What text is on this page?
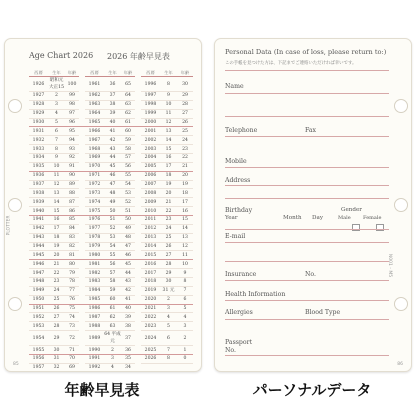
PLOTTER
Age Chart 2026 2026 年齢早見表
西暦	生年	年齢		西暦	生年	年齢		西暦	生年	年齢
1926	昭和元 大正15	100		1961	36	65		1996	8	30
1927	2	99		1962	37	64		1997	9	29
1928	3	98		1963	38	63		1998	10	28
1929	4	97		1964	39	62		1999	11	27
1930	5	96		1965	40	61		2000	12	26
1931	6	95		1966	41	60		2001	13	25
1932	7	94		1967	42	59		2002	14	24
1933	8	93		1968	43	58		2003	15	23
1934	9	92		1969	44	57		2004	16	22
1935	10	91		1970	45	56		2005	17	21
1936	11	90		1971	46	55		2006	18	20
1937	12	89		1972	47	54		2007	19	19
1938	13	88		1973	48	53		2008	20	18
1939	14	87		1974	49	52		2009	21	17
1940	15	86		1975	50	51		2010	22	16
1941	16	85		1976	51	50		2011	23	15
1942	17	84		1977	52	49		2012	24	14
1943	18	83		1978	53	48		2013	25	13
1944	19	82		1979	54	47		2014	26	12
1945	20	81		1980	55	46		2015	27	11
1946	21	80		1981	56	45		2016	28	10
1947	22	79		1982	57	44		2017	29	9
1948	23	78		1983	58	43		2018	30	8
1949	24	77		1984	59	42		2019	31 元	7
1950	25	76		1985	60	41		2020	2	6
1951	26	75		1986	61	40		2021	3	5
1952	27	74		1987	62	39		2022	4	4
1953	28	73		1988	63	38		2023	5	3
1954	29	72		1989	64 平成元	37		2024	6	2
1955	30	71		1990	2	36		2025	7	1
1956	31	70		1991	3	35		2026	8	0
1957	32	69		1992	4	34				

85
N001 - M5
Personal Data (In case of loss, please return to:)
この手帳を見つけた方は、下記までご連絡いただければ幸いです。
Name
Telephone	Fax
Mobile
Address
Birthday
Year	Month Day
Gender
Male Female
E-mail
Insurance	No.
Health Information
Allergies	Blood Type
Passport
No.
86
年齢早見表	パーソナルデータ
